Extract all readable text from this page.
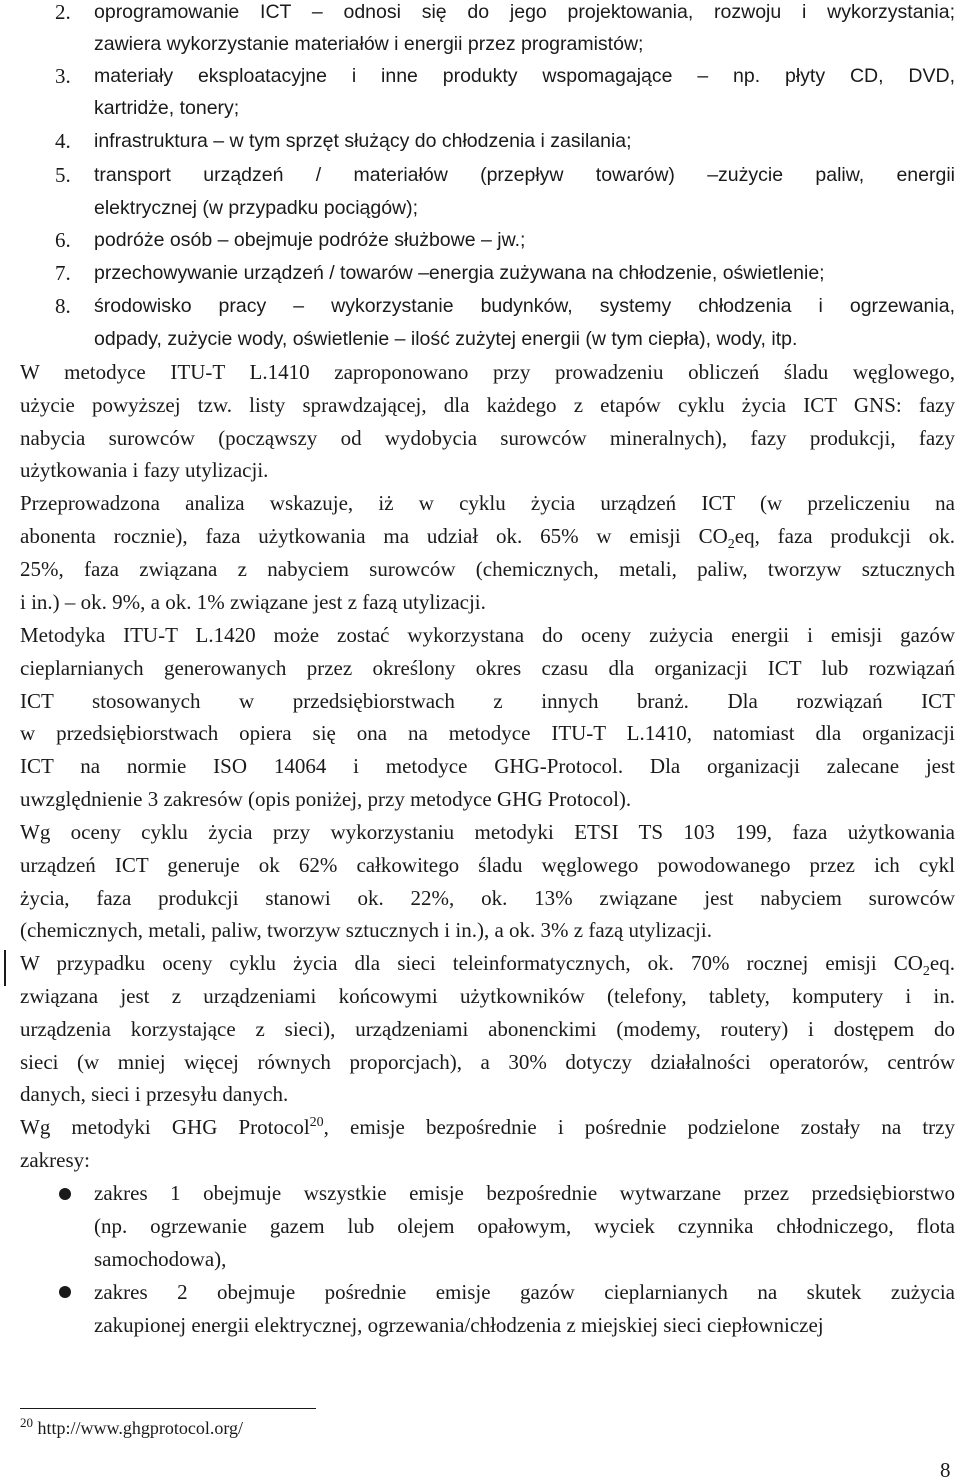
2. oprogramowanie ICT – odnosi się do jego projektowania, rozwoju i wykorzystania;
zawiera wykorzystanie materiałów i energii przez programistów;
3. materiały eksploatacyjne i inne produkty wspomagające – np. płyty CD, DVD,
kartridże, tonery;
4. infrastruktura – w tym sprzęt służący do chłodzenia i zasilania;
5. transport urządzeń / materiałów (przepływ towarów) –zużycie paliw, energii
elektrycznej (w przypadku pociągów);
6. podróże osób – obejmuje podróże służbowe – jw.;
7. przechowywanie urządzeń / towarów –energia zużywana na chłodzenie, oświetlenie;
8. środowisko pracy – wykorzystanie budynków, systemy chłodzenia i ogrzewania,
odpady, zużycie wody, oświetlenie – ilość zużytej energii (w tym ciepła), wody, itp.
W metodyce ITU-T L.1410 zaproponowano przy prowadzeniu obliczeń śladu węglowego,
użycie powyższej tzw. listy sprawdzającej, dla każdego z etapów cyklu życia ICT GNS: fazy
nabycia surowców (począwszy od wydobycia surowców mineralnych), fazy produkcji, fazy
użytkowania i fazy utylizacji.
Przeprowadzona analiza wskazuje, iż w cyklu życia urządzeń ICT (w przeliczeniu na
abonenta rocznie), faza użytkowania ma udział ok. 65% w emisji $CO_2eq$, faza produkcji ok.
25%, faza związana z nabyciem surowców (chemicznych, metali, paliw, tworzyw sztucznych
i in.) – ok. 9%, a ok. 1% związane jest z fazą utylizacji.
Metodyka ITU-T L.1420 może zostać wykorzystana do oceny zużycia energii i emisji gazów
cieplarnianych generowanych przez określony okres czasu dla organizacji ICT lub rozwiązań
ICT stosowanych w przedsiębiorstwach z innych branż. Dla rozwiązań ICT
w przedsiębiorstwach opiera się ona na metodyce ITU-T L.1410, natomiast dla organizacji
ICT na normie ISO 14064 i metodyce GHG-Protocol. Dla organizacji zalecane jest
uwzględnienie 3 zakresów (opis poniżej, przy metodyce GHG Protocol).
Wg oceny cyklu życia przy wykorzystaniu metodyki ETSI TS 103 199, faza użytkowania
urządzeń ICT generuje ok 62% całkowitego śladu węglowego powodowanego przez ich cykl
życia, faza produkcji stanowi ok. 22%, ok. 13% związane jest nabyciem surowców
(chemicznych, metali, paliw, tworzyw sztucznych i in.), a ok. 3% z fazą utylizacji.
W przypadku oceny cyklu życia dla sieci teleinformatycznych, ok. 70% rocznej emisji $CO_2eq$.
związana jest z urządzeniami końcowymi użytkowników (telefony, tablety, komputery i in.
urządzenia korzystające z sieci), urządzeniami abonenckimi (modemy, routery) i dostępem do
sieci (w mniej więcej równych proporcjach), a 30% dotyczy działalności operatorów, centrów
danych, sieci i przesyłu danych.
Wg metodyki GHG Protocol$^{20}$, emisje bezpośrednie i pośrednie podzielone zostały na trzy
zakresy:
zakres 1 obejmuje wszystkie emisje bezpośrednie wytwarzane przez przedsiębiorstwo
(np. ogrzewanie gazem lub olejem opałowym, wyciek czynnika chłodniczego, flota
samochodowa),
zakres 2 obejmuje pośrednie emisje gazów cieplarnianych na skutek zużycia
zakupionej energii elektrycznej, ogrzewania/chłodzenia z miejskiej sieci ciepłowniczej
$^{20}$ http://www.ghgprotocol.org/
8
